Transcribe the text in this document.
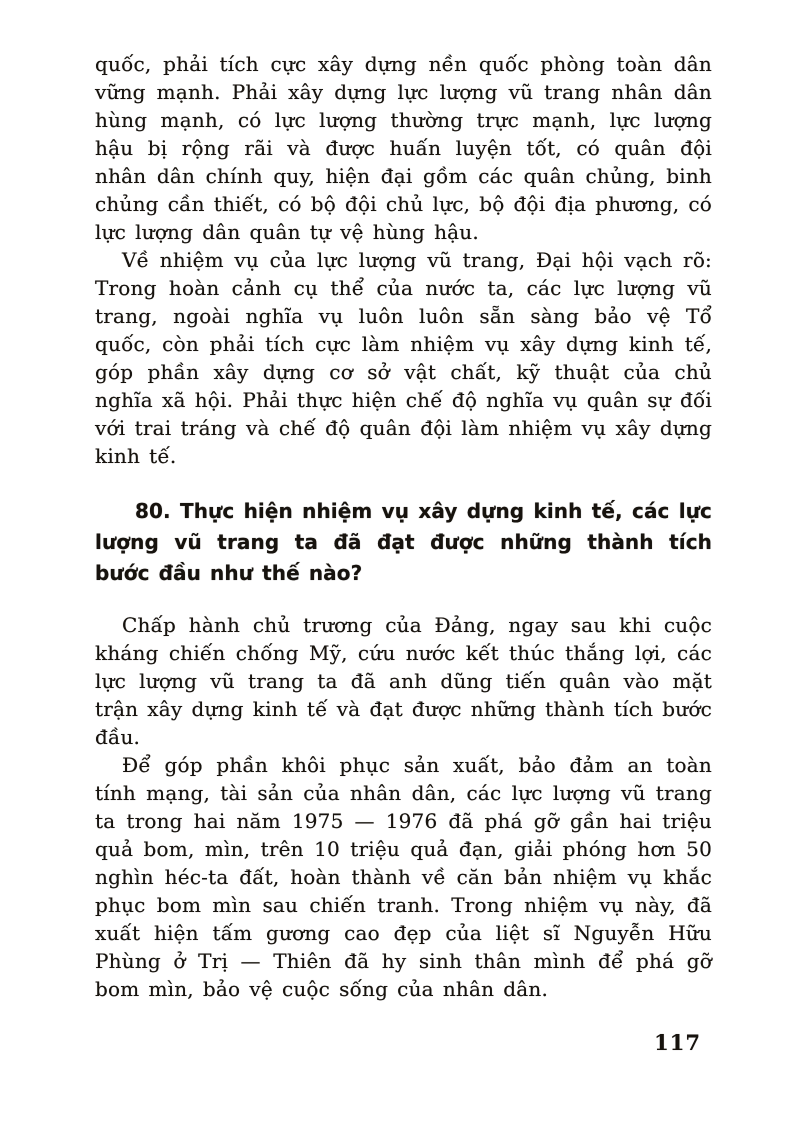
quốc, phải tích cực xây dựng nền quốc phòng toàn dân vững mạnh. Phải xây dựng lực lượng vũ trang nhân dân hùng mạnh, có lực lượng thường trực mạnh, lực lượng hậu bị rộng rãi và được huấn luyện tốt, có quân đội nhân dân chính quy, hiện đại gồm các quân chủng, binh chủng cần thiết, có bộ đội chủ lực, bộ đội địa phương, có lực lượng dân quân tự vệ hùng hậu.

Về nhiệm vụ của lực lượng vũ trang, Đại hội vạch rõ: Trong hoàn cảnh cụ thể của nước ta, các lực lượng vũ trang, ngoài nghĩa vụ luôn luôn sẵn sàng bảo vệ Tổ quốc, còn phải tích cực làm nhiệm vụ xây dựng kinh tế, góp phần xây dựng cơ sở vật chất, kỹ thuật của chủ nghĩa xã hội. Phải thực hiện chế độ nghĩa vụ quân sự đối với trai tráng và chế độ quân đội làm nhiệm vụ xây dựng kinh tế.

80. Thực hiện nhiệm vụ xây dựng kinh tế, các lực lượng vũ trang ta đã đạt được những thành tích bước đầu như thế nào?

Chấp hành chủ trương của Đảng, ngay sau khi cuộc kháng chiến chống Mỹ, cứu nước kết thúc thắng lợi, các lực lượng vũ trang ta đã anh dũng tiến quân vào mặt trận xây dựng kinh tế và đạt được những thành tích bước đầu.

Để góp phần khôi phục sản xuất, bảo đảm an toàn tính mạng, tài sản của nhân dân, các lực lượng vũ trang ta trong hai năm 1975 — 1976 đã phá gỡ gần hai triệu quả bom, mìn, trên 10 triệu quả đạn, giải phóng hơn 50 nghìn héc-ta đất, hoàn thành về căn bản nhiệm vụ khắc phục bom mìn sau chiến tranh. Trong nhiệm vụ này, đã xuất hiện tấm gương cao đẹp của liệt sĩ Nguyễn Hữu Phùng ở Trị — Thiên đã hy sinh thân mình để phá gỡ bom mìn, bảo vệ cuộc sống của nhân dân.

117
